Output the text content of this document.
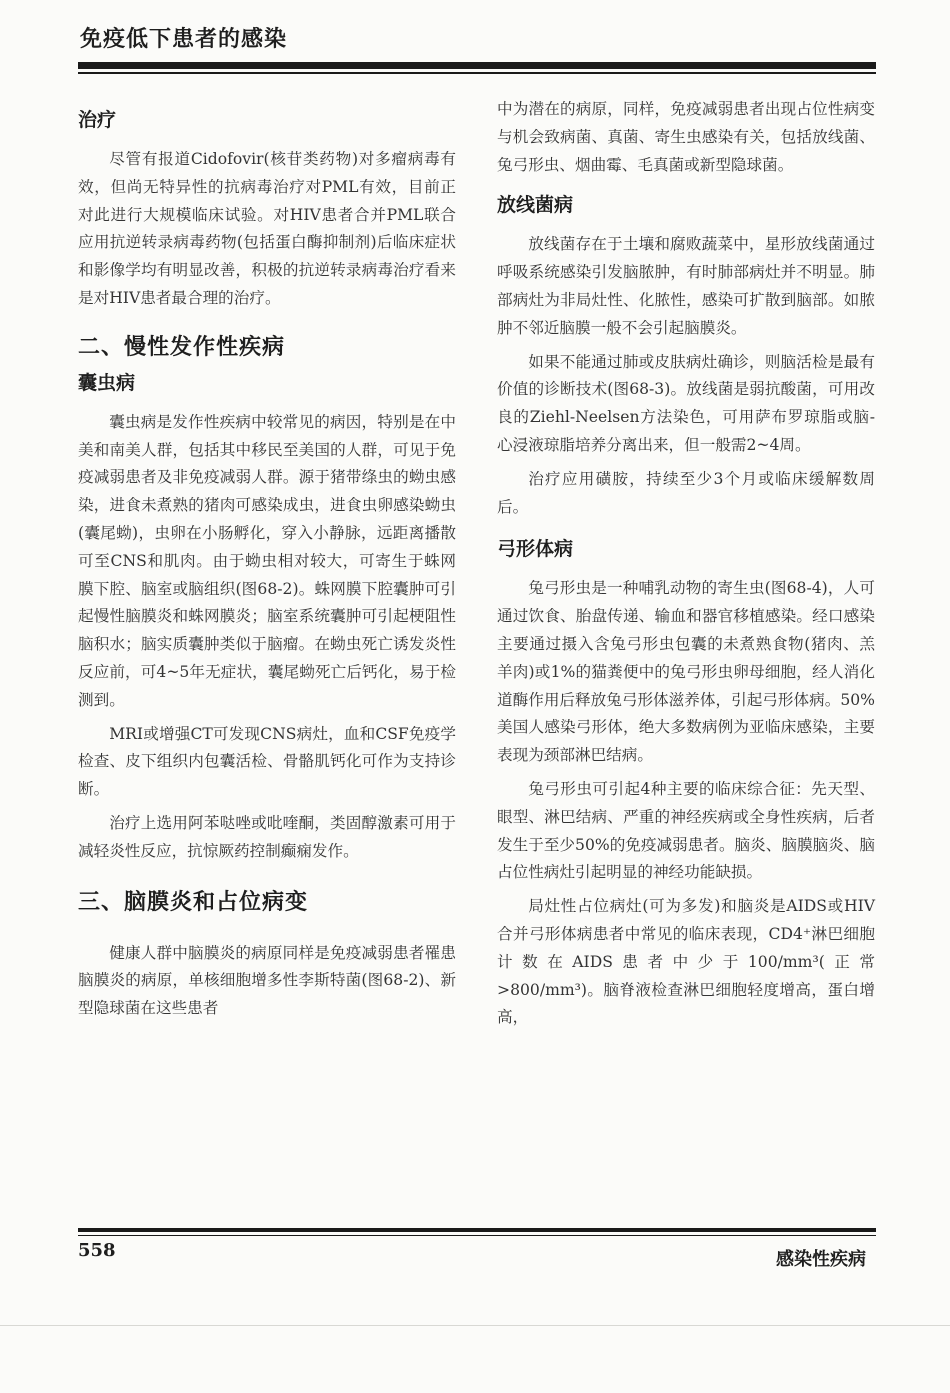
免疫低下患者的感染
治疗

尽管有报道Cidofovir(核苷类药物)对多瘤病毒有效，但尚无特异性的抗病毒治疗对PML有效，目前正对此进行大规模临床试验。对HIV患者合并PML联合应用抗逆转录病毒药物(包括蛋白酶抑制剂)后临床症状和影像学均有明显改善，积极的抗逆转录病毒治疗看来是对HIV患者最合理的治疗。

二、慢性发作性疾病
囊虫病

囊虫病是发作性疾病中较常见的病因，特别是在中美和南美人群，包括其中移民至美国的人群，可见于免疫减弱患者及非免疫减弱人群。源于猪带绦虫的蚴虫感染，进食未煮熟的猪肉可感染成虫，进食虫卵感染蚴虫(囊尾蚴)，虫卵在小肠孵化，穿入小静脉，远距离播散可至CNS和肌肉。由于蚴虫相对较大，可寄生于蛛网膜下腔、脑室或脑组织(图68-2)。蛛网膜下腔囊肿可引起慢性脑膜炎和蛛网膜炎；脑室系统囊肿可引起梗阻性脑积水；脑实质囊肿类似于脑瘤。在蚴虫死亡诱发炎性反应前，可4~5年无症状，囊尾蚴死亡后钙化，易于检测到。

MRI或增强CT可发现CNS病灶，血和CSF免疫学检查、皮下组织内包囊活检、骨骼肌钙化可作为支持诊断。

治疗上选用阿苯哒唑或吡喹酮，类固醇激素可用于减轻炎性反应，抗惊厥药控制癫痫发作。

三、脑膜炎和占位病变

健康人群中脑膜炎的病原同样是免疫减弱患者罹患脑膜炎的病原，单核细胞增多性李斯特菌(图68-2)、新型隐球菌在这些患者

中为潜在的病原，同样，免疫减弱患者出现占位性病变与机会致病菌、真菌、寄生虫感染有关，包括放线菌、兔弓形虫、烟曲霉、毛真菌或新型隐球菌。

放线菌病

放线菌存在于土壤和腐败蔬菜中，星形放线菌通过呼吸系统感染引发脑脓肿，有时肺部病灶并不明显。肺部病灶为非局灶性、化脓性，感染可扩散到脑部。如脓肿不邻近脑膜一般不会引起脑膜炎。

如果不能通过肺或皮肤病灶确诊，则脑活检是最有价值的诊断技术(图68-3)。放线菌是弱抗酸菌，可用改良的Ziehl-Neelsen方法染色，可用萨布罗琼脂或脑-心浸液琼脂培养分离出来，但一般需2~4周。

治疗应用磺胺，持续至少3个月或临床缓解数周后。

弓形体病

兔弓形虫是一种哺乳动物的寄生虫(图68-4)，人可通过饮食、胎盘传递、输血和器官移植感染。经口感染主要通过摄入含兔弓形虫包囊的未煮熟食物(猪肉、羔羊肉)或1%的猫粪便中的兔弓形虫卵母细胞，经人消化道酶作用后释放兔弓形体滋养体，引起弓形体病。50%美国人感染弓形体，绝大多数病例为亚临床感染，主要表现为颈部淋巴结病。

兔弓形虫可引起4种主要的临床综合征：先天型、眼型、淋巴结病、严重的神经疾病或全身性疾病，后者发生于至少50%的免疫减弱患者。脑炎、脑膜脑炎、脑占位性病灶引起明显的神经功能缺损。

局灶性占位病灶(可为多发)和脑炎是AIDS或HIV合并弓形体病患者中常见的临床表现，CD4⁺淋巴细胞计数在AIDS患者中少于100/mm³(正常>800/mm³)。脑脊液检查淋巴细胞轻度增高，蛋白增高，

558	感染性疾病
